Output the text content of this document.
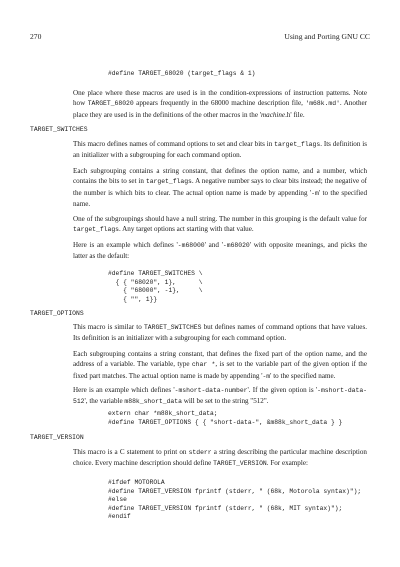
270	Using and Porting GNU CC
#define TARGET_68020 (target_flags & 1)

One place where these macros are used is in the condition-expressions of instruction patterns. Note how TARGET_68020 appears frequently in the 68000 machine description file, 'm68k.md'. Another place they are used is in the definitions of the other macros in the 'machine.h' file.

TARGET_SWITCHES

This macro defines names of command options to set and clear bits in target_flags. Its definition is an initializer with a subgrouping for each command option.

Each subgrouping contains a string constant, that defines the option name, and a number, which contains the bits to set in target_flags. A negative number says to clear bits instead; the negative of the number is which bits to clear. The actual option name is made by appending '-m' to the specified name.

One of the subgroupings should have a null string. The number in this grouping is the default value for target_flags. Any target options act starting with that value.

Here is an example which defines '-m68000' and '-m68020' with opposite meanings, and picks the latter as the default:

#define TARGET_SWITCHES \
{ { "68020", 1},      \
{ "68000", -1},     \
{ "", 1}}
TARGET_OPTIONS

This macro is similar to TARGET_SWITCHES but defines names of command options that have values. Its definition is an initializer with a subgrouping for each command option.

Each subgrouping contains a string constant, that defines the fixed part of the option name, and the address of a variable. The variable, type char *, is set to the variable part of the given option if the fixed part matches. The actual option name is made by appending '-m' to the specified name.

Here is an example which defines '-mshort-data-number'. If the given option is '-mshort-data-512', the variable m88k_short_data will be set to the string "512".

extern char *m88k_short_data;
#define TARGET_OPTIONS { { "short-data-", &m88k_short_data } }
TARGET_VERSION

This macro is a C statement to print on stderr a string describing the particular machine description choice. Every machine description should define TARGET_VERSION. For example:

#ifdef MOTOROLA
#define TARGET_VERSION fprintf (stderr, " (68k, Motorola syntax)");
#else
#define TARGET_VERSION fprintf (stderr, " (68k, MIT syntax)");
#endif
